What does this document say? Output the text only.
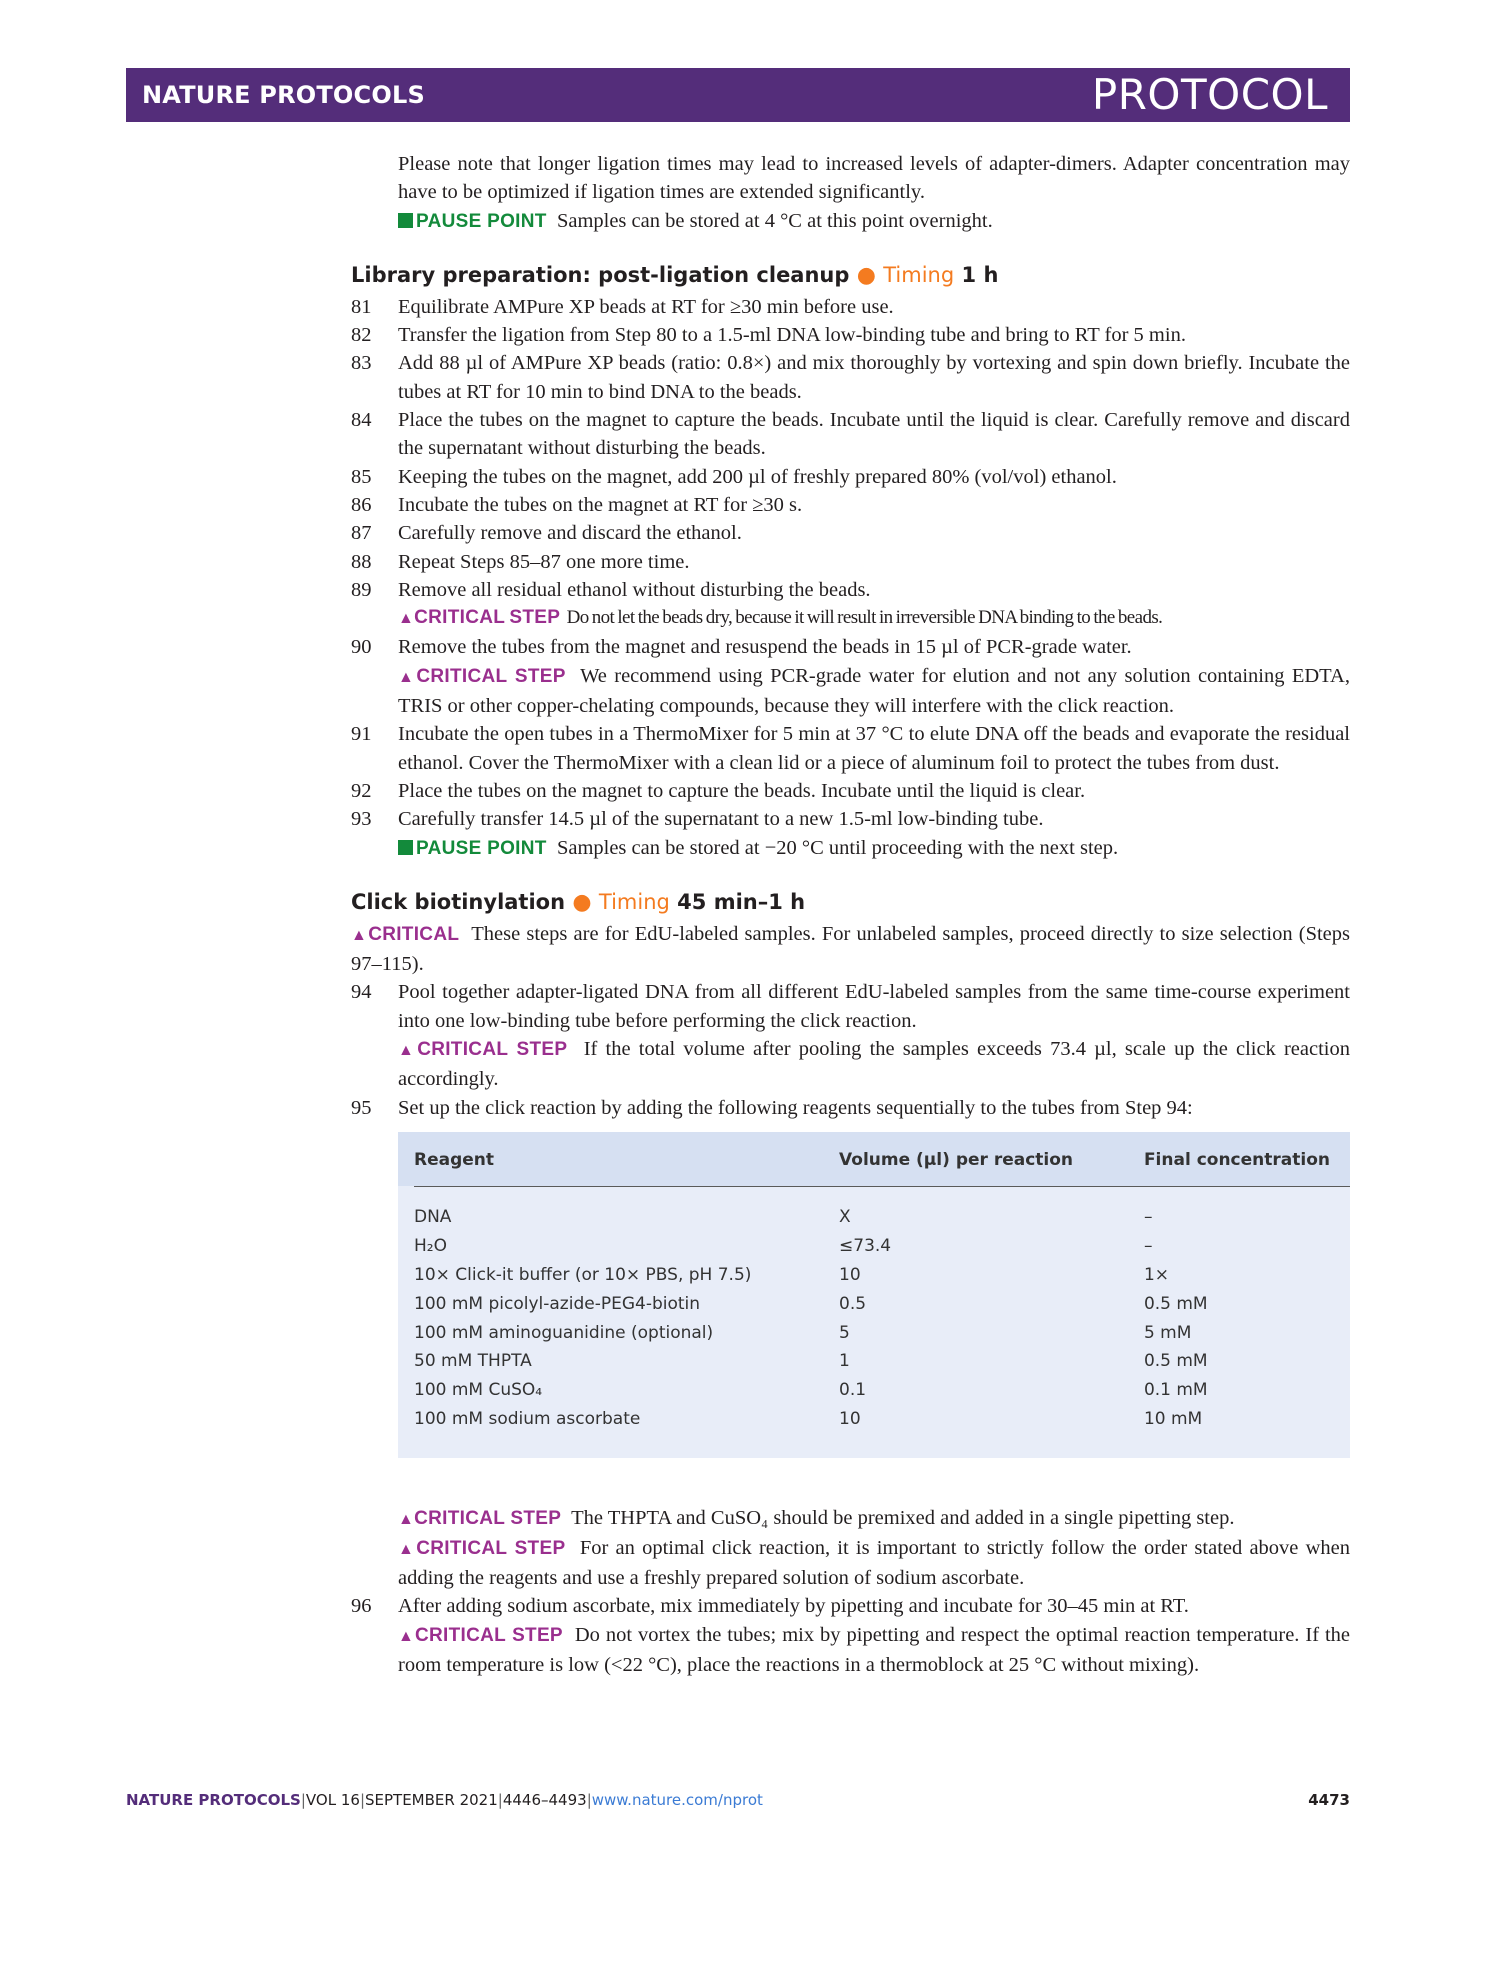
NATURE PROTOCOLS	PROTOCOL

Please note that longer ligation times may lead to increased levels of adapter-dimers. Adapter concentration may have to be optimized if ligation times are extended significantly.
PAUSE POINT Samples can be stored at 4 °C at this point overnight.

Library preparation: post-ligation cleanup ● Timing 1 h
81 Equilibrate AMPure XP beads at RT for ≥30 min before use.
82 Transfer the ligation from Step 80 to a 1.5-ml DNA low-binding tube and bring to RT for 5 min.
83 Add 88 µl of AMPure XP beads (ratio: 0.8×) and mix thoroughly by vortexing and spin down briefly. Incubate the tubes at RT for 10 min to bind DNA to the beads.
84 Place the tubes on the magnet to capture the beads. Incubate until the liquid is clear. Carefully remove and discard the supernatant without disturbing the beads.
85 Keeping the tubes on the magnet, add 200 µl of freshly prepared 80% (vol/vol) ethanol.
86 Incubate the tubes on the magnet at RT for ≥30 s.
87 Carefully remove and discard the ethanol.
88 Repeat Steps 85–87 one more time.
89 Remove all residual ethanol without disturbing the beads.
▲CRITICAL STEP Do not let the beads dry, because it will result in irreversible DNA binding to the beads.
90 Remove the tubes from the magnet and resuspend the beads in 15 µl of PCR-grade water.
▲CRITICAL STEP We recommend using PCR-grade water for elution and not any solution containing EDTA, TRIS or other copper-chelating compounds, because they will interfere with the click reaction.
91 Incubate the open tubes in a ThermoMixer for 5 min at 37 °C to elute DNA off the beads and evaporate the residual ethanol. Cover the ThermoMixer with a clean lid or a piece of aluminum foil to protect the tubes from dust.
92 Place the tubes on the magnet to capture the beads. Incubate until the liquid is clear.
93 Carefully transfer 14.5 µl of the supernatant to a new 1.5-ml low-binding tube.
PAUSE POINT Samples can be stored at −20 °C until proceeding with the next step.
Click biotinylation ● Timing 45 min–1 h
▲CRITICAL These steps are for EdU-labeled samples. For unlabeled samples, proceed directly to size selection (Steps 97–115).
94 Pool together adapter-ligated DNA from all different EdU-labeled samples from the same time-course experiment into one low-binding tube before performing the click reaction.
▲CRITICAL STEP If the total volume after pooling the samples exceeds 73.4 µl, scale up the click reaction accordingly.
95 Set up the click reaction by adding the following reagents sequentially to the tubes from Step 94:
Reagent	Volume (µl) per reaction	Final concentration
DNA	X	–
H₂O	≤73.4	–
10× Click-it buffer (or 10× PBS, pH 7.5)	10	1×
100 mM picolyl-azide-PEG4-biotin	0.5	0.5 mM
100 mM aminoguanidine (optional)	5	5 mM
50 mM THPTA	1	0.5 mM
100 mM CuSO₄	0.1	0.1 mM
100 mM sodium ascorbate	10	10 mM
▲CRITICAL STEP The THPTA and CuSO₄ should be premixed and added in a single pipetting step.
▲CRITICAL STEP For an optimal click reaction, it is important to strictly follow the order stated above when adding the reagents and use a freshly prepared solution of sodium ascorbate.
96 After adding sodium ascorbate, mix immediately by pipetting and incubate for 30–45 min at RT.
▲CRITICAL STEP Do not vortex the tubes; mix by pipetting and respect the optimal reaction temperature. If the room temperature is low (<22 °C), place the reactions in a thermoblock at 25 °C without mixing).
NATURE PROTOCOLS|VOL 16|SEPTEMBER 2021|4446–4493|www.nature.com/nprot	4473
